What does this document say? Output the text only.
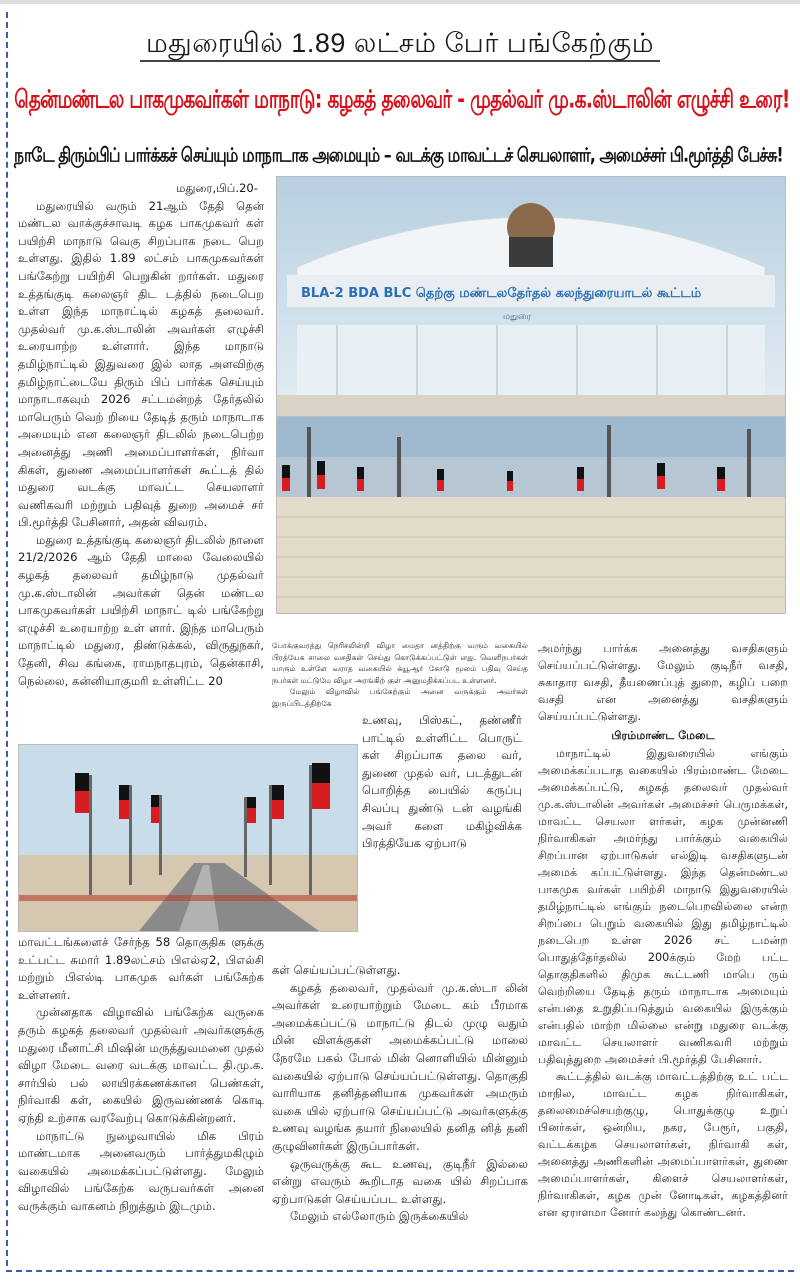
மதுரையில் 1.89 லட்சம் பேர் பங்கேற்கும்
தென்மண்டல பாகமுகவர்கள் மாநாடு: கழகத் தலைவர் - முதல்வர் மு.க.ஸ்டாலின் எழுச்சி உரை!
நாடே திரும்பிப் பார்க்கச் செய்யும் மாநாடாக அமையும் – வடக்கு மாவட்டச் செயலாளர், அமைச்சர் பி.மூர்த்தி பேச்சு!
BLA-2 BDA BLC தெற்கு மண்டலதேர்தல் கலந்துரையாடல் கூட்டம்
மதுரை

மதுரை,பிப்.20-

மதுரையில் வரும் 21ஆம் தேதி தென் மண்டல வாக்குச்சாவடி கழக பாகமுகவர் கள் பயிற்சி மாநாடு வெகு சிறப்பாக நடை பெற உள்ளது. இதில் 1.89 லட்சம் பாகமுகவர்கள் பங்கேற்று பயிற்சி பெறுகின் றார்கள். மதுரை உத்தங்குடி கலைஞர் திட டத்தில் நடைபெற உள்ள இந்த மாநாட்டில் கழகத் தலைவர். முதல்வர் மு.க.ஸ்டாலின் அவர்கள் எழுச்சி உரையாற்ற உள்ளார். இந்த மாநாடு தமிழ்நாட்டில் இதுவரை இல் லாத அளவிற்கு தமிழ்நாட்டையே திரும் பிப் பார்க்க செய்யும் மாநாடாகவும் 2026 சட்டமன்றத் தேர்தலில் மாபெரும் வெற் றியை தேடித் தரும் மாநாடாக அமையும் என கலைஞர் திடலில் நடைபெற்ற அனைத்து அணி அமைப்பாளர்கள், நிர்வா கிகள், துணை அமைப்பாளர்கள் கூட்டத் தில் மதுரை வடக்கு மாவட்ட செயலாளர் வணிகவரி மற்றும் பதிவுத் துறை அமைச் சர் பி.மூர்த்தி பேசினார், அதன் விவரம்.

மதுரை உத்தங்குடி கலைஞர் திடலில் நாளை 21/2/2026 ஆம் தேதி மாலை வேலையில் கழகத் தலைவர் தமிழ்நாடு முதல்வர் மு.க.ஸ்டாலின் அவர்கள் தென் மண்டல பாகமுகவர்கள் பயிற்சி மாநாட் டில் பங்கேற்று எழுச்சி உரையாற்ற உள் ளார். இந்த மாபெரும் மாநாட்டில் மதுரை, திண்டுக்கல், விருதுநகர், தேனி, சிவ கங்கை, ராமநாதபுரம், தென்காசி, நெல்லை, கன்னியாகுமரி உள்ளிட்ட 20

மாவட்டங்களைச் சேர்ந்த 58 தொகுதிக ளுக்கு உட்பட்ட சுமார் 1.89லட்சம் பிஎல்ஏ2, பிஎல்சி மற்றும் பிஎல்டி பாகமுக வர்கள் பங்கேற்க உள்ளனர்.

முன்னதாக விழாவில் பங்கேற்க வருகை தரும் கழகத் தலைவர் முதல்வர் அவர்களுக்கு மதுரை மீனாட்சி மிஷின் மருத்துவமனை முதல் விழா மேடை வரை வடக்கு மாவட்ட தி.மு.க. சார்பில் பல் லாயிரக்கணக்கான பெண்கள், நிர்வாகி கள், கையில் இருவண்ணக் கொடி ஏந்தி உற்சாக வரவேற்பு கொடுக்கின்றனர்.

மாநாட்டு நுழைவாயில் மிக பிரம் மாண்டமாக அனைவரும் பார்த்துமகிழும் வகையில் அமைக்கப்பட்டுள்ளது. மேலும் விழாவில் பங்கேற்க வருபவர்கள் அனை வருக்கும் வாகனம் நிறுத்தும் இடமும்.

போக்குவரத்து நெரிசலின்றி விழா மைதா னத்திற்கு வரும் வகையில் பிரத்யேக சாலை வசதிகள் செய்து கொடுக்கப்பட்டுள் ளது. வெளிநபர்கள் யாரும் உள்ளே வராத வகையில் க்யூஆர் கோடு மூலம் பதிவு செய்த நபர்கள் மட்டுமே விழா அரங்கிற் குள் அனுமதிக்கப்பட உள்ளனர்.

மேலும் விழாவில் பங்கேற்கும் அனை வருக்கும் அவர்கள் இருப்பிடத்திற்கே

உணவு, பிஸ்கட், தண்ணீர் பாட்டில் உள்ளிட்ட பொருட் கள் சிறப்பாக தலை வர், துணை முதல் வர், படத்துடன் பொறித்த பையில் கருப்பு சிவப்பு துண்டு டன் வழங்கி அவர் களை மகிழ்விக்க பிரத்தியேக ஏற்பாடு

கள் செய்யப்பட்டுள்ளது.

கழகத் தலைவர், முதல்வர் மு.க.ஸ்டா லின் அவர்கள் உரையாற்றும் மேடை கம் பீரமாக அமைக்கப்பட்டு மாநாட்டு திடல் முழு வதும் மின் விளக்குகள் அமைக்கப்பட்டு மாலை நேரமே பகல் போல் மின் னொளியில் மின்னும் வகையில் ஏற்பாடு செய்யப்பட்டுள்ளது. தொகுதி வாரியாக தனித்தனியாக முகவர்கள் அமரும் வகை யில் ஏற்பாடு செய்யப்பட்டு அவர்களுக்கு உணவு வழங்க தயார் நிலையில் தனித னித் தனி குழுவினர்கள் இருப்பார்கள்.

ஒருவருக்கு கூட உணவு, குடிநீர் இல்லை என்று எவரும் கூறிடாத வகை யில் சிறப்பாக ஏற்பாடுகள் செய்யப்பட உள்ளது.

மேலும் எல்லோரும் இருக்கையில்

அமர்ந்து பார்க்க அனைத்து வசதிகளும் செய்யப்பட்டுள்ளது. மேலும் குடிநீர் வசதி, சுகாதார வசதி, தீயணைப்புத் துறை, கழிப் பறை வசதி என அனைத்து வசதிகளும் செய்யப்பட்டுள்ளது.

பிரம்மாண்ட மேடை

மாநாட்டில் இதுவரையில் எங்கும் அமைக்கப்படாத வகையில் பிரம்மாண்ட மேடை அமைக்கப்பட்டு, கழகத் தலைவர் முதல்வர் மு.க.ஸ்டாலின் அவர்கள் அமைச்சர் பெருமக்கள், மாவட்ட செயலா ளர்கள், கழக முன்னணி நிர்வாகிகள் அமர்ந்து பார்க்கும் வகையில் சிறப்பான ஏற்பாடுகள் எல்இடி வசதிகளுடன் அமைக் கப்பட்டுள்ளது. இந்த தென்மண்டல பாகமுக வர்கள் பயிற்சி மாநாடு இதுவரையில் தமிழ்நாட்டில் எங்கும் நடைபெறவில்லை என்ற சிறப்பை பெறும் வகையில் இது தமிழ்நாட்டில் நடைபெற உள்ள 2026 சட் டமன்ற பொதுத்தேர்தலில் 200க்கும் மேற் பட்ட தொகுதிகளில் திமுக கூட்டணி மாபெ ரும் வெற்றியை தேடித் தரும் மாநாடாக அமையும் என்பதை உறுதிப்படுத்தும் வகையில் இருக்கும் என்பதில் மாற்ற மில்லை என்று மதுரை வடக்கு மாவட்ட செயலாளர் வணிகவரி மற்றும் பதிவுத்துறை அமைச்சர் பி.மூர்த்தி பேசினார்.

கூட்டத்தில் வடக்கு மாவட்டத்திற்கு உட் பட்ட மாநில, மாவட்ட கழக நிர்வாகிகள், தலைமைச்செயற்குழு, பொதுக்குழு உறுப் பினர்கள், ஒன்றிய, நகர, பேரூர், பகுதி, வட்டக்கழக செயலாளர்கள், நிர்வாகி கள், அனைத்து அணிகளின் அமைப்பாளர்கள், துணை அமைப்பாளர்கள், கிளைச் செயலாளர்கள், நிர்வாகிகள், கழக முன் னோடிகள், கழகத்தினர் என ஏராளமா னோர் கலந்து கொண்டனர்.
